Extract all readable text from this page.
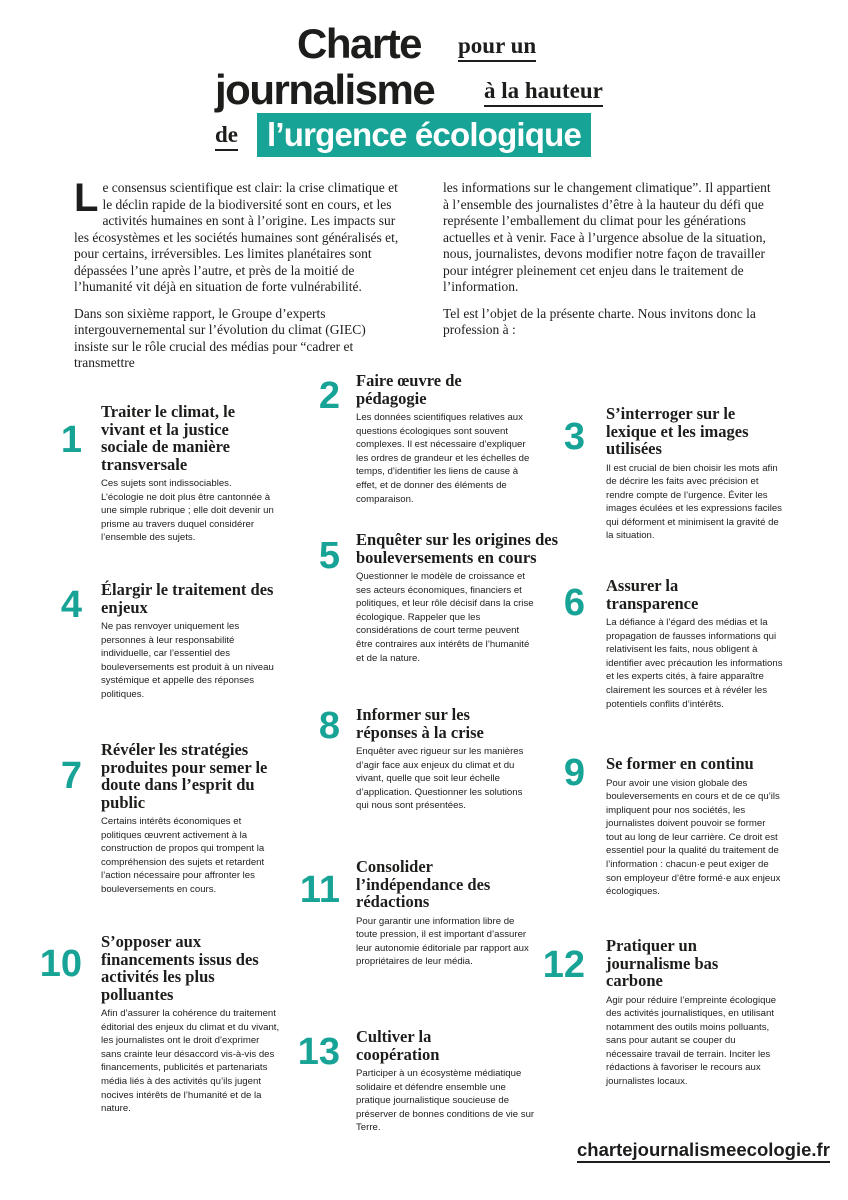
Charte pour un
journalisme à la hauteur
de l’urgence écologique

Le consensus scientifique est clair: la crise climatique et le déclin rapide de la biodiversité sont en cours, et les activités humaines en sont à l’origine. Les impacts sur les écosystèmes et les sociétés humaines sont généralisés et, pour certains, irréversibles. Les limites planétaires sont dépassées l’une après l’autre, et près de la moitié de l’humanité vit déjà en situation de forte vulnérabilité.

Dans son sixième rapport, le Groupe d’experts intergouvernemental sur l’évolution du climat (GIEC) insiste sur le rôle crucial des médias pour “cadrer et transmettre

les informations sur le changement climatique”. Il appartient à l’ensemble des journalistes d’être à la hauteur du défi que représente l’emballement du climat pour les générations actuelles et à venir. Face à l’urgence absolue de la situation, nous, journalistes, devons modifier notre façon de travailler pour intégrer pleinement cet enjeu dans le traitement de l’information.

Tel est l’objet de la présente charte. Nous invitons donc la profession à :

1
Traiter le climat, le vivant et la justice sociale de manière transversale
Ces sujets sont indissociables. L’écologie ne doit plus être cantonnée à une simple rubrique ; elle doit devenir un prisme au travers duquel considérer l’ensemble des sujets.
2 Faire œuvre de pédagogie
Les données scientifiques relatives aux questions écologiques sont souvent complexes. Il est nécessaire d’expliquer les ordres de grandeur et les échelles de temps, d’identifier les liens de cause à effet, et de donner des éléments de comparaison.
3
S’interroger sur le lexique et les images utilisées
Il est crucial de bien choisir les mots afin de décrire les faits avec précision et rendre compte de l’urgence. Éviter les images éculées et les expressions faciles qui déforment et minimisent la gravité de la situation.
4 Élargir le traitement des enjeux
Ne pas renvoyer uniquement les personnes à leur responsabilité individuelle, car l’essentiel des bouleversements est produit à un niveau systémique et appelle des réponses politiques.
5 Enquêter sur les origines des bouleversements en cours
Questionner le modèle de croissance et ses acteurs économiques, financiers et politiques, et leur rôle décisif dans la crise écologique. Rappeler que les considérations de court terme peuvent être contraires aux intérêts de l’humanité et de la nature.
6 Assurer la transparence
La défiance à l’égard des médias et la propagation de fausses informations qui relativisent les faits, nous obligent à identifier avec précaution les informations et les experts cités, à faire apparaître clairement les sources et à révéler les potentiels conflits d’intérêts.
7
Révéler les stratégies produites pour semer le doute dans l’esprit du public
Certains intérêts économiques et politiques œuvrent activement à la construction de propos qui trompent la compréhension des sujets et retardent l’action nécessaire pour affronter les bouleversements en cours.
8 Informer sur les réponses à la crise
Enquêter avec rigueur sur les manières d’agir face aux enjeux du climat et du vivant, quelle que soit leur échelle d’application. Questionner les solutions qui nous sont présentées.
9 Se former en continu
Pour avoir une vision globale des bouleversements en cours et de ce qu’ils impliquent pour nos sociétés, les journalistes doivent pouvoir se former tout au long de leur carrière. Ce droit est essentiel pour la qualité du traitement de l’information : chacun·e peut exiger de son employeur d’être formé·e aux enjeux écologiques.
10
S’opposer aux financements issus des activités les plus polluantes
Afin d’assurer la cohérence du traitement éditorial des enjeux du climat et du vivant, les journalistes ont le droit d’exprimer sans crainte leur désaccord vis-à-vis des financements, publicités et partenariats média liés à des activités qu’ils jugent nocives intérêts de l’humanité et de la nature.
11
Consolider l’indépendance des rédactions
Pour garantir une information libre de toute pression, il est important d’assurer leur autonomie éditoriale par rapport aux propriétaires de leur média.	12 Pratiquer un journalisme bas carbone
Agir pour réduire l’empreinte écologique des activités journalistiques, en utilisant notamment des outils moins polluants, sans pour autant se couper du nécessaire travail de terrain. Inciter les rédactions à favoriser le recours aux journalistes locaux.
13 Cultiver la coopération
Participer à un écosystème médiatique solidaire et défendre ensemble une pratique journalistique soucieuse de préserver de bonnes conditions de vie sur Terre.
chartejournalismeecologie.fr
